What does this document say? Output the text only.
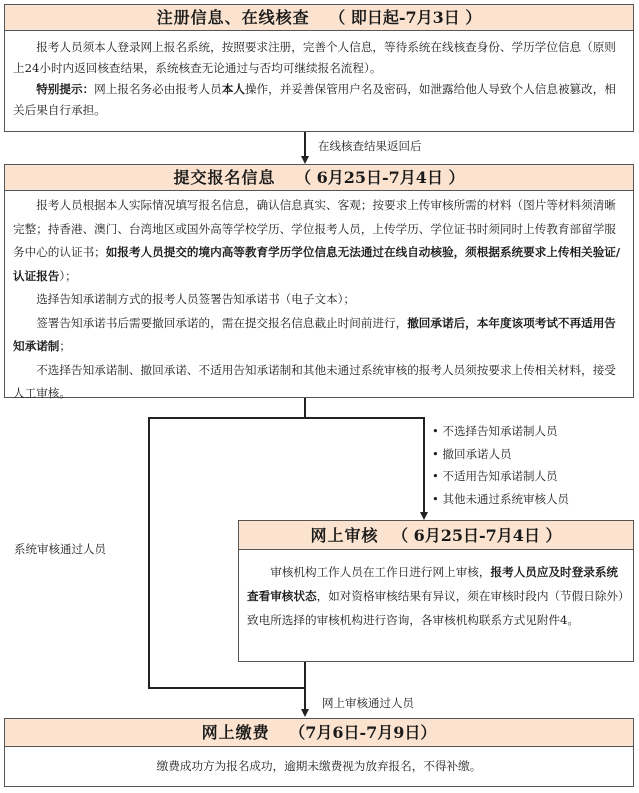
注册信息、在线核查 （ 即日起-7月3日 ）

报考人员须本人登录网上报名系统，按照要求注册，完善个人信息，等待系统在线核查身份、学历学位信息（原则上24小时内返回核查结果，系统核查无论通过与否均可继续报名流程）。

特别提示：网上报名务必由报考人员本人操作，并妥善保管用户名及密码，如泄露给他人导致个人信息被篡改，相关后果自行承担。

在线核查结果返回后
提交报名信息 （ 6月25日-7月4日 ）

报考人员根据本人实际情况填写报名信息，确认信息真实、客观；按要求上传审核所需的材料（图片等材料须清晰完整；持香港、澳门、台湾地区或国外高等学校学历、学位报考人员，上传学历、学位证书时须同时上传教育部留学服务中心的认证书；如报考人员提交的境内高等教育学历学位信息无法通过在线自动核验，须根据系统要求上传相关验证/认证报告）；

选择告知承诺制方式的报考人员签署告知承诺书（电子文本）；

签署告知承诺书后需要撤回承诺的，需在提交报名信息截止时间前进行，撤回承诺后，本年度该项考试不再适用告知承诺制；

不选择告知承诺制、撤回承诺、不适用告知承诺制和其他未通过系统审核的报考人员须按要求上传相关材料，接受人工审核。

系统审核通过人员
• 不选择告知承诺制人员
• 撤回承诺人员
• 不适用告知承诺制人员
• 其他未通过系统审核人员
网上审核 （ 6月25日-7月4日 ）

审核机构工作人员在工作日进行网上审核，报考人员应及时登录系统查看审核状态，如对资格审核结果有异议，须在审核时段内（节假日除外）致电所选择的审核机构进行咨询，各审核机构联系方式见附件4。

网上审核通过人员
网上缴费 （7月6日-7月9日）
缴费成功方为报名成功，逾期未缴费视为放弃报名，不得补缴。
